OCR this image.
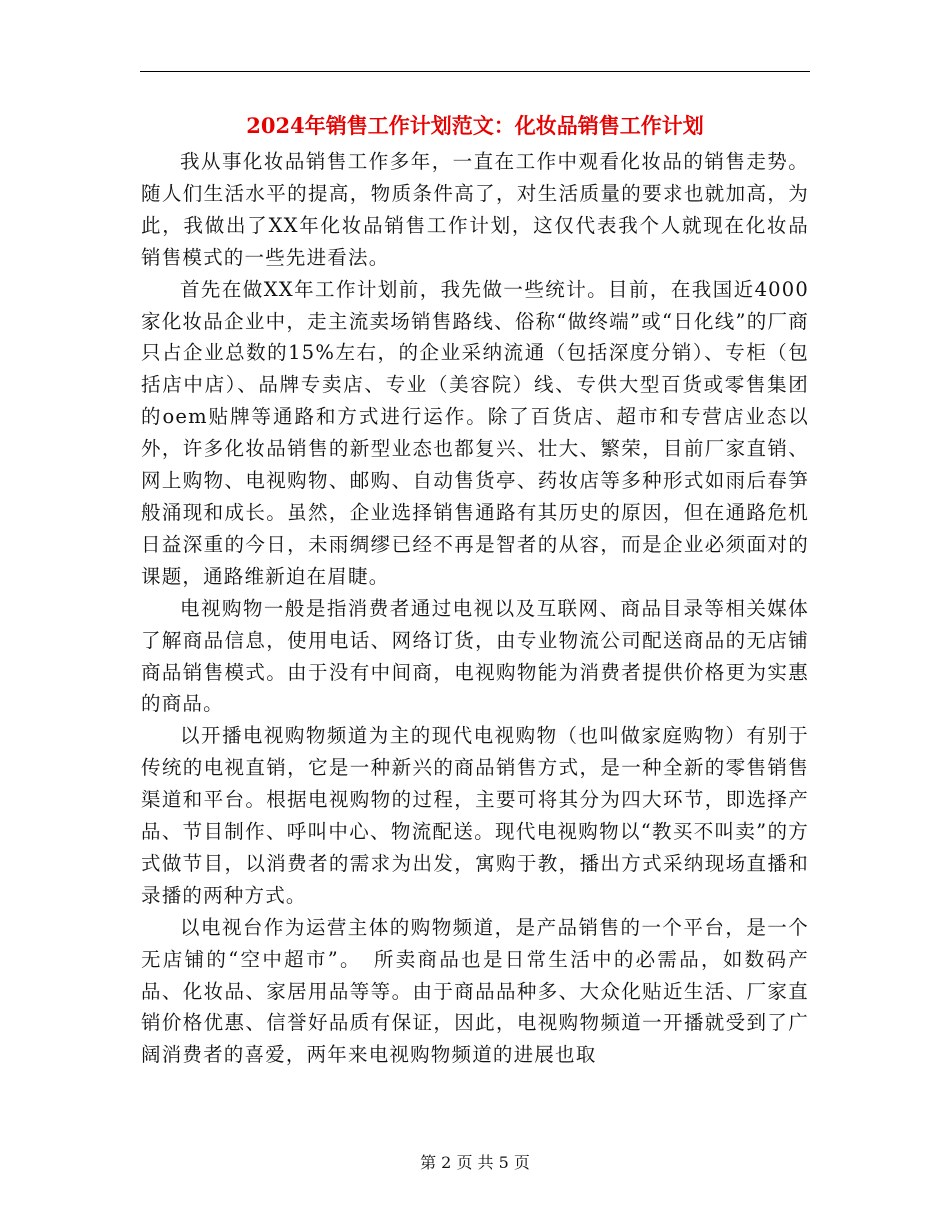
2024年销售工作计划范文：化妆品销售工作计划

我从事化妆品销售工作多年，一直在工作中观看化妆品的销售走势。随人们生活水平的提高，物质条件高了，对生活质量的要求也就加高，为此，我做出了XX年化妆品销售工作计划，这仅代表我个人就现在化妆品销售模式的一些先进看法。

首先在做XX年工作计划前，我先做一些统计。目前，在我国近4000家化妆品企业中，走主流卖场销售路线、俗称“做终端”或“日化线”的厂商只占企业总数的15%左右，的企业采纳流通（包括深度分销）、专柜（包括店中店）、品牌专卖店、专业（美容院）线、专供大型百货或零售集团的oem贴牌等通路和方式进行运作。除了百货店、超市和专营店业态以外，许多化妆品销售的新型业态也都复兴、壮大、繁荣，目前厂家直销、网上购物、电视购物、邮购、自动售货亭、药妆店等多种形式如雨后春笋般涌现和成长。虽然，企业选择销售通路有其历史的原因，但在通路危机日益深重的今日，未雨绸缪已经不再是智者的从容，而是企业必须面对的课题，通路维新迫在眉睫。

电视购物一般是指消费者通过电视以及互联网、商品目录等相关媒体了解商品信息，使用电话、网络订货，由专业物流公司配送商品的无店铺商品销售模式。由于没有中间商，电视购物能为消费者提供价格更为实惠的商品。

以开播电视购物频道为主的现代电视购物（也叫做家庭购物）有别于传统的电视直销，它是一种新兴的商品销售方式，是一种全新的零售销售渠道和平台。根据电视购物的过程，主要可将其分为四大环节，即选择产品、节目制作、呼叫中心、物流配送。现代电视购物以“教买不叫卖”的方式做节目，以消费者的需求为出发，寓购于教，播出方式采纳现场直播和录播的两种方式。

以电视台作为运营主体的购物频道，是产品销售的一个平台，是一个无店铺的“空中超市”。　所卖商品也是日常生活中的必需品，如数码产品、化妆品、家居用品等等。由于商品品种多、大众化贴近生活、厂家直销价格优惠、信誉好品质有保证，因此，电视购物频道一开播就受到了广阔消费者的喜爱，两年来电视购物频道的进展也取

第 2 页 共 5 页
